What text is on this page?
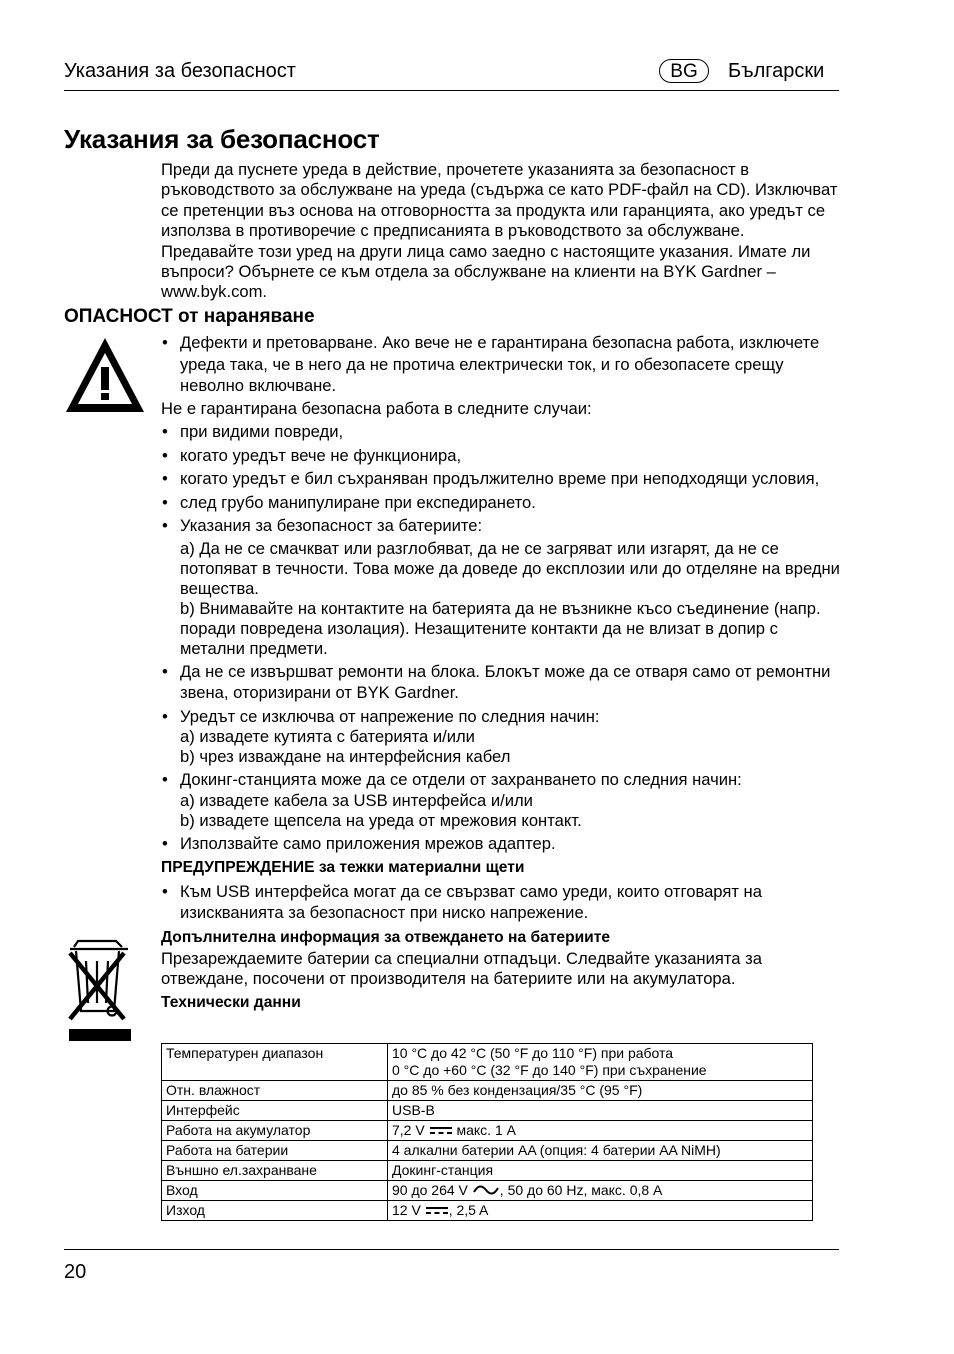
Указания за безопасност	BG	Български
Указания за безопасност

Преди да пуснете уреда в действие, прочетете указанията за безопасност в ръководството за обслужване на уреда (съдържа се като PDF-файл на CD). Изключват се претенции въз основа на отговорността за продукта или гаранцията, ако уредът се използва в противоречие с предписанията в ръководството за обслужване. Предавайте този уред на други лица само заедно с настоящите указания. Имате ли въпроси? Обърнете се към отдела за обслужване на клиенти на BYK Gardner – www.byk.com.

ОПАСНОСТ от нараняване
• Дефекти и претоварване. Ако вече не е гарантирана безопасна работа, изключете уреда така, че в него да не протича електрически ток, и го обезопасете срещу неволно включване.
Не е гарантирана безопасна работа в следните случаи:
• при видими повреди,
• когато уредът вече не функционира,
• когато уредът е бил съхраняван продължително време при неподходящи условия,
• след грубо манипулиране при експедирането.
• Указания за безопасност за батериите:
a) Да не се смачкват или разглобяват, да не се загряват или изгарят, да не се потопяват в течности. Това може да доведе до експлозии или до отделяне на вредни вещества.
b) Внимавайте на контактите на батерията да не възникне късо съединение (напр. поради повредена изолация). Незащитените контакти да не влизат в допир с метални предмети.
• Да не се извършват ремонти на блока. Блокът може да се отваря само от ремонтни звена, оторизирани от BYK Gardner.
• Уредът се изключва от напрежение по следния начин:
a) извадете кутията с батерията и/или
b) чрез изваждане на интерфейсния кабел
• Докинг-станцията може да се отдели от захранването по следния начин:
a) извадете кабела за USB интерфейса и/или
b) извадете щепсела на уреда от мрежовия контакт.
• Използвайте само приложения мрежов адаптер.
ПРЕДУПРЕЖДЕНИЕ за тежки материални щети
• Към USB интерфейса могат да се свързват само уреди, които отговарят на изискванията за безопасност при ниско напрежение.
Допълнителна информация за отвеждането на батериите
Презареждаемите батерии са специални отпадъци. Следвайте указанията за отвеждане, посочени от производителя на батериите или на акумулатора.
Технически данни
Температурен диапазон	10 °C до 42 °C (50 °F до 110 °F) при работа
0 °C до +60 °C (32 °F до 140 °F) при съхранение

Отн. влажност	до 85 % без кондензация/35 °C (95 °F)
Интерфейс	USB-B
Работа на акумулатор	7,2 V макс. 1 A
Работа на батерии	4 алкални батерии AA (опция: 4 батерии AA NiMH)
Външно ел.захранване	Докинг-станция
Вход	90 до 264 V , 50 до 60 Hz, макс. 0,8 A
Изход	12 V , 2,5 A
20
